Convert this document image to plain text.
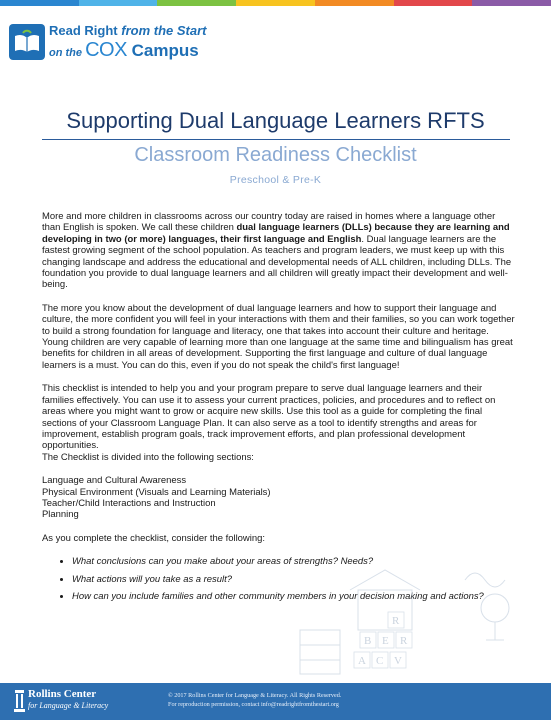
Read Right from the Start
on the COX Campus
Supporting Dual Language Learners RFTS
Classroom Readiness Checklist
Preschool & Pre-K

More and more children in classrooms across our country today are raised in homes where a language other than English is spoken. We call these children dual language learners (DLLs) because they are learning and developing in two (or more) languages, their first language and English. Dual language learners are the fastest growing segment of the school population. As teachers and program leaders, we must keep up with this changing landscape and address the educational and developmental needs of ALL children, including DLLs. The foundation you provide to dual language learners and all children will greatly impact their development and well-being.

The more you know about the development of dual language learners and how to support their language and culture, the more confident you will feel in your interactions with them and their families, so you can work together to build a strong foundation for language and literacy, one that takes into account their culture and heritage. Young children are very capable of learning more than one language at the same time and bilingualism has great benefits for children in all areas of development. Supporting the first language and culture of dual language learners is a must. You can do this, even if you do not speak the child's first language!

This checklist is intended to help you and your program prepare to serve dual language learners and their families effectively. You can use it to assess your current practices, policies, and procedures and to reflect on areas where you might want to grow or acquire new skills. Use this tool as a guide for completing the final sections of your Classroom Language Plan. It can also serve as a tool to identify strengths and areas for improvement, establish program goals, track improvement efforts, and plan professional development opportunities.

The Checklist is divided into the following sections:

Language and Cultural Awareness

Physical Environment (Visuals and Learning Materials)

Teacher/Child Interactions and Instruction

Planning

As you complete the checklist, consider the following:

• What conclusions can you make about your areas of strengths? Needs?
• What actions will you take as a result?
• How can you include families and other community members in your decision making and actions?
R
B E R
A C V
Rollins Center
for Language & Literacy
© 2017 Rollins Center for Language & Literacy. All Rights Reserved.
For reproduction permission, contact info@readrightfromthestart.org
